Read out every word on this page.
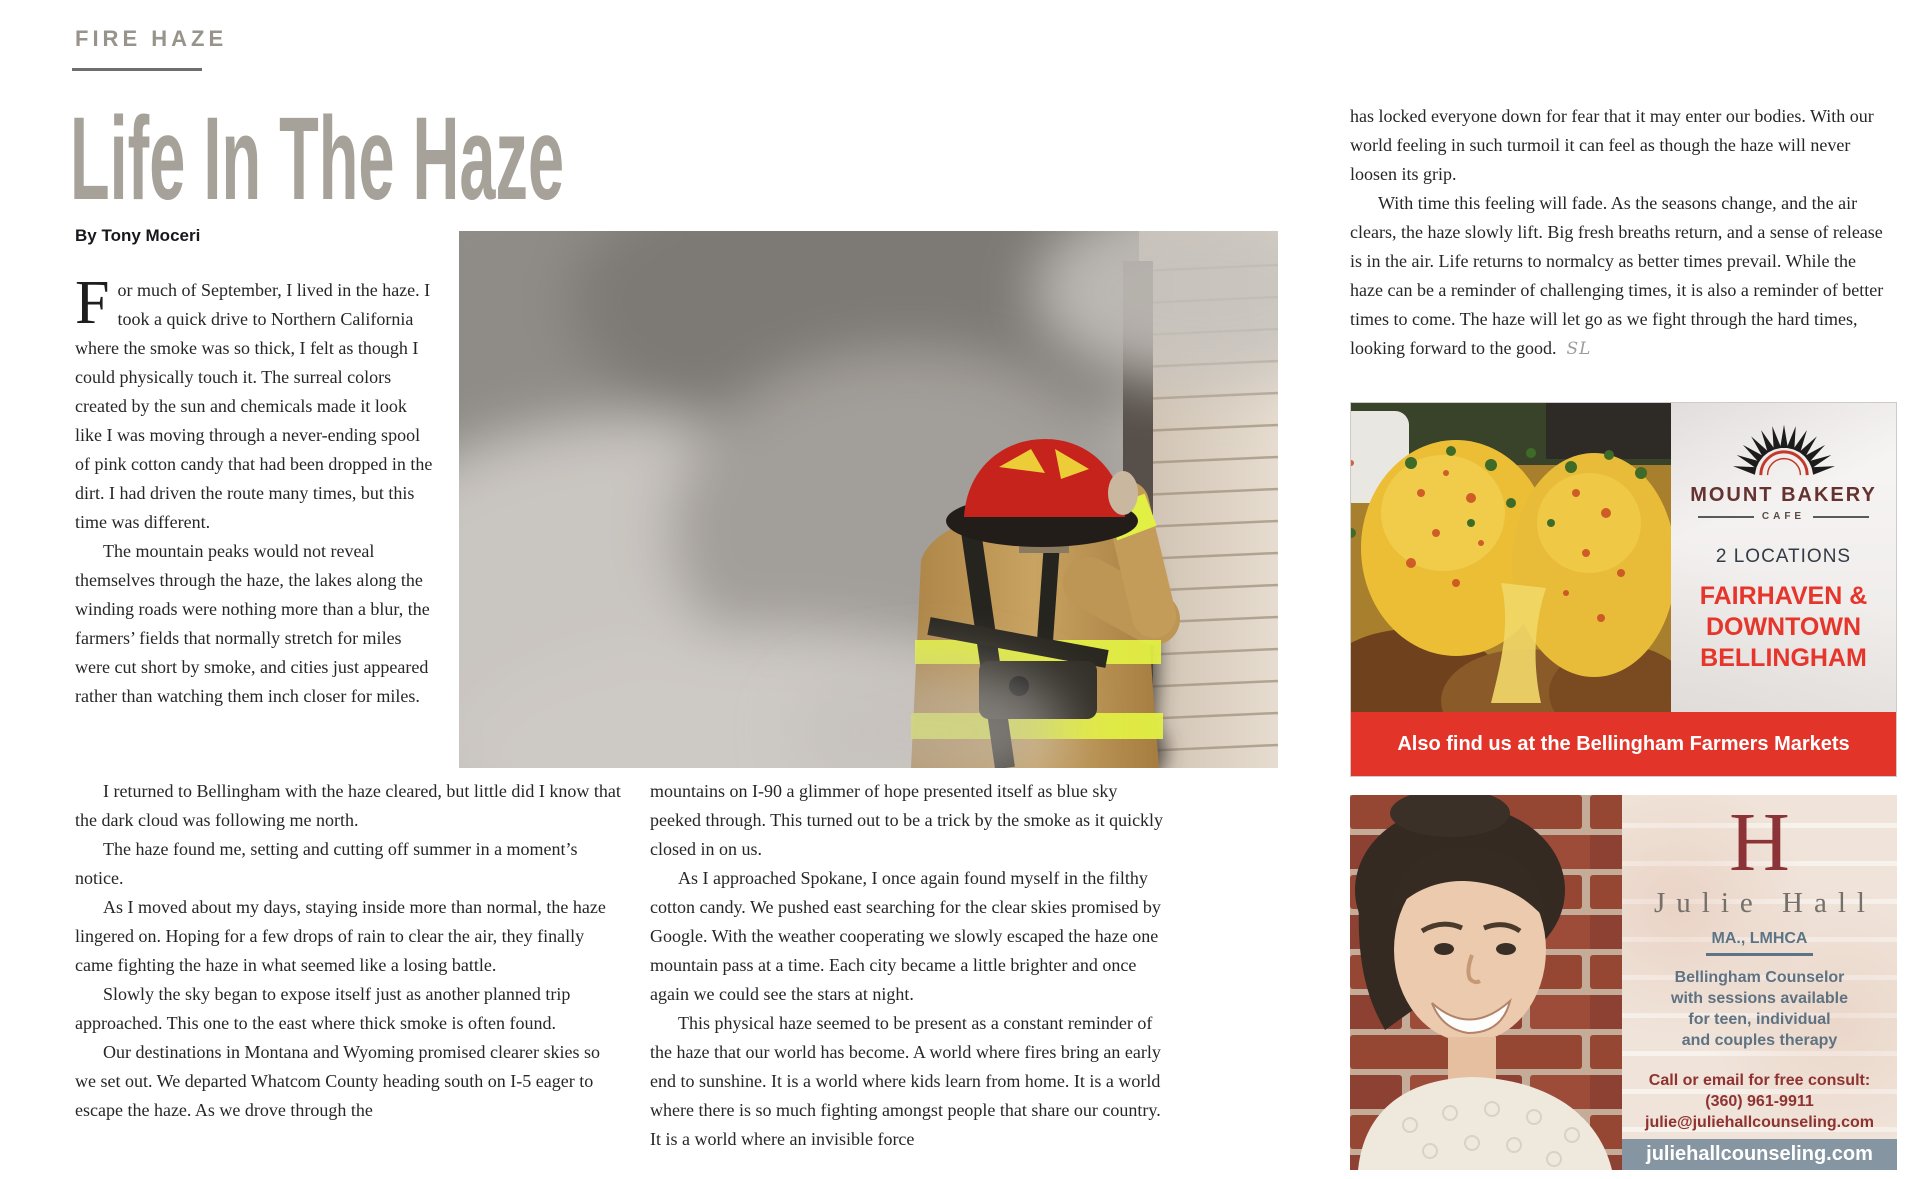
FIRE HAZE
Life In The Haze
By Tony Moceri

For much of September, I lived in the haze. I took a quick drive to Northern California where the smoke was so thick, I felt as though I could physically touch it. The surreal colors created by the sun and chemicals made it look like I was moving through a never-ending spool of pink cotton candy that had been dropped in the dirt. I had driven the route many times, but this time was different.

The mountain peaks would not reveal themselves through the haze, the lakes along the winding roads were nothing more than a blur, the farmers’ fields that normally stretch for miles were cut short by smoke, and cities just appeared rather than watching them inch closer for miles.

I returned to Bellingham with the haze cleared, but little did I know that the dark cloud was following me north.

The haze found me, setting and cutting off summer in a moment’s notice.

As I moved about my days, staying inside more than normal, the haze lingered on. Hoping for a few drops of rain to clear the air, they finally came fighting the haze in what seemed like a losing battle.

Slowly the sky began to expose itself just as another planned trip approached. This one to the east where thick smoke is often found.

Our destinations in Montana and Wyoming promised clearer skies so we set out. We departed Whatcom County heading south on I-5 eager to escape the haze. As we drove through the

mountains on I-90 a glimmer of hope presented itself as blue sky peeked through. This turned out to be a trick by the smoke as it quickly closed in on us.

As I approached Spokane, I once again found myself in the filthy cotton candy. We pushed east searching for the clear skies promised by Google. With the weather cooperating we slowly escaped the haze one mountain pass at a time. Each city became a little brighter and once again we could see the stars at night.

This physical haze seemed to be present as a constant reminder of the haze that our world has become. A world where fires bring an early end to sunshine. It is a world where kids learn from home. It is a world where there is so much fighting amongst people that share our country. It is a world where an invisible force

has locked everyone down for fear that it may enter our bodies. With our world feeling in such turmoil it can feel as though the haze will never loosen its grip.

With time this feeling will fade. As the seasons change, and the air clears, the haze slowly lift. Big fresh breaths return, and a sense of release is in the air. Life returns to normalcy as better times prevail. While the haze can be a reminder of challenging times, it is also a reminder of better times to come. The haze will let go as we fight through the hard times, looking forward to the good. SL

MOUNT BAKERY
CAFE
2 LOCATIONS
FAIRHAVEN &
DOWNTOWN
BELLINGHAM
Also find us at the Bellingham Farmers Markets
H
Julie Hall
MA., LMHCA
Bellingham Counselor
with sessions available
for teen, individual
and couples therapy
Call or email for free consult:
(360) 961-9911
julie@juliehallcounseling.com
juliehallcounseling.com
